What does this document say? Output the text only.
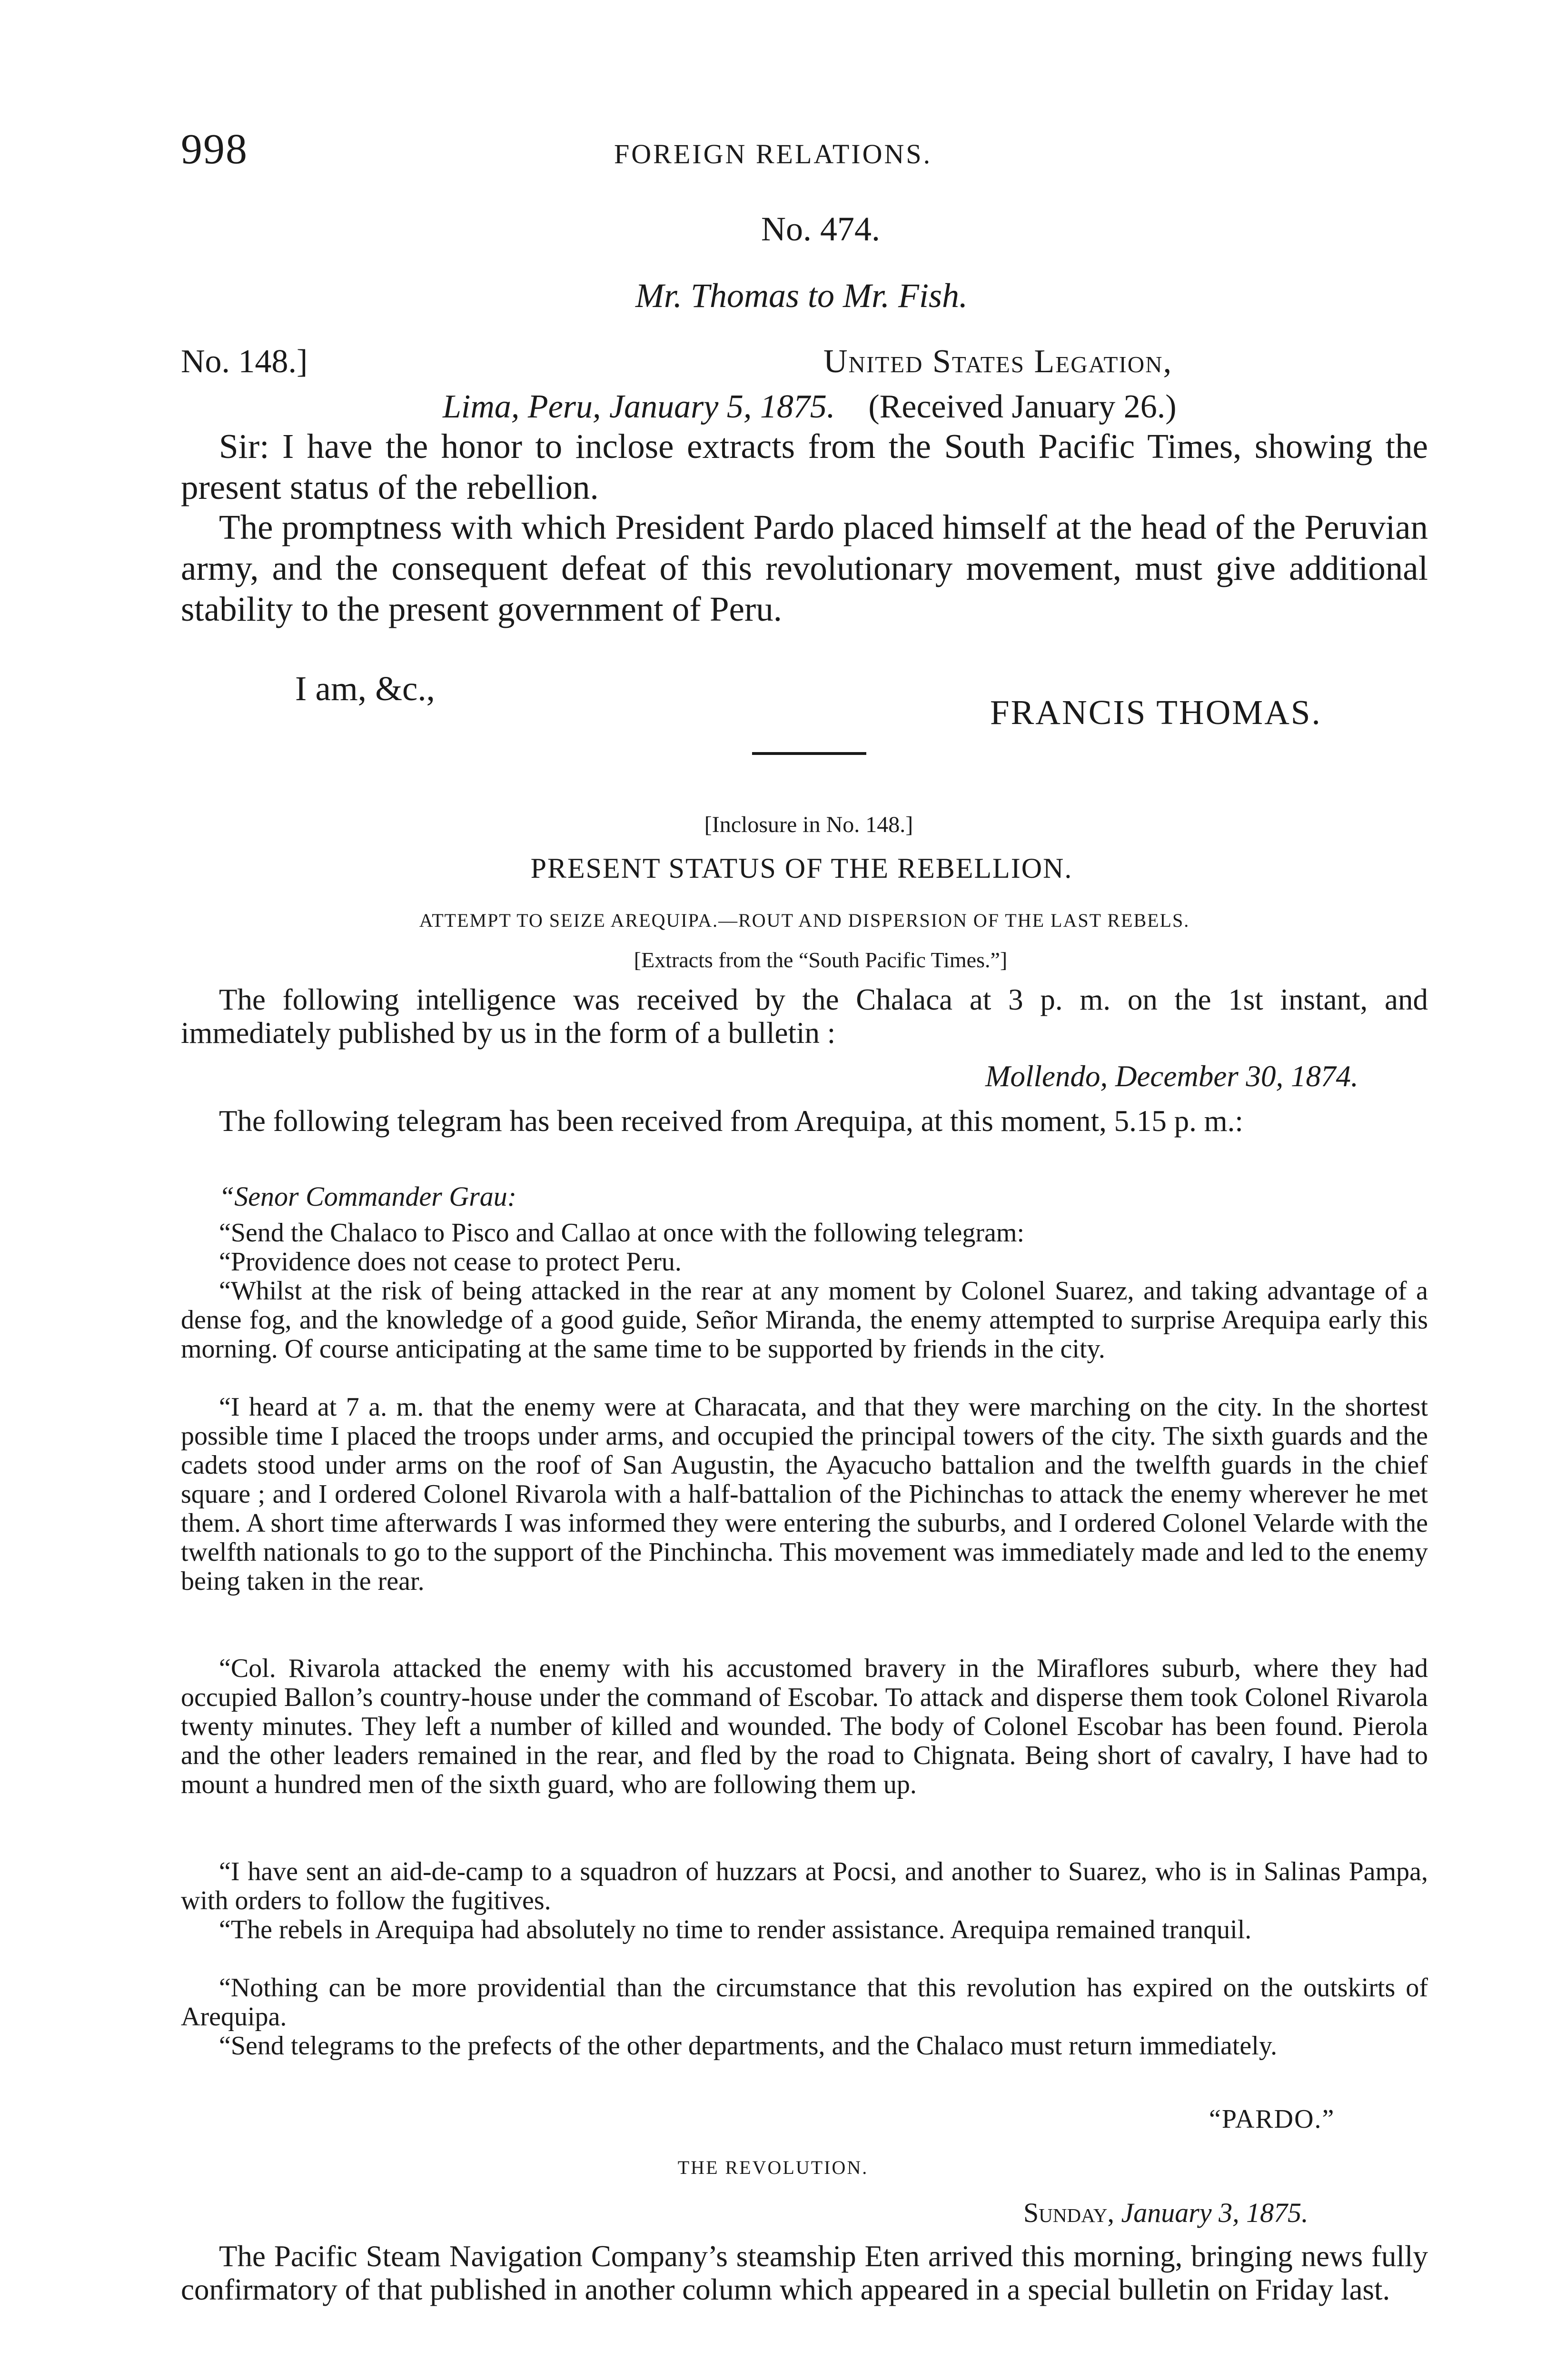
998	FOREIGN RELATIONS.
No. 474.
Mr. Thomas to Mr. Fish.
No. 148.]	United States Legation,
Lima, Peru, January 5, 1875. (Received January 26.)

Sir: I have the honor to inclose extracts from the South Pacific Times, showing the present status of the rebellion.

The promptness with which President Pardo placed himself at the head of the Peruvian army, and the consequent defeat of this revolutionary movement, must give additional stability to the present government of Peru.

I am, &c.,
FRANCIS THOMAS.
[Inclosure in No. 148.]
PRESENT STATUS OF THE REBELLION.
ATTEMPT TO SEIZE AREQUIPA.—ROUT AND DISPERSION OF THE LAST REBELS.
[Extracts from the “South Pacific Times.”]

The following intelligence was received by the Chalaca at 3 p. m. on the 1st instant, and immediately published by us in the form of a bulletin :

Mollendo, December 30, 1874.

The following telegram has been received from Arequipa, at this moment, 5.15 p. m.:

“Senor Commander Grau:

“Send the Chalaco to Pisco and Callao at once with the following telegram:

“Providence does not cease to protect Peru.

“Whilst at the risk of being attacked in the rear at any moment by Colonel Suarez, and taking advantage of a dense fog, and the knowledge of a good guide, Señor Miranda, the enemy attempted to surprise Arequipa early this morning. Of course anticipating at the same time to be supported by friends in the city.

“I heard at 7 a. m. that the enemy were at Characata, and that they were marching on the city. In the shortest possible time I placed the troops under arms, and occupied the principal towers of the city. The sixth guards and the cadets stood under arms on the roof of San Augustin, the Ayacucho battalion and the twelfth guards in the chief square ; and I ordered Colonel Rivarola with a half-battalion of the Pichinchas to attack the enemy wherever he met them. A short time afterwards I was informed they were entering the suburbs, and I ordered Colonel Velarde with the twelfth nationals to go to the support of the Pinchincha. This movement was immediately made and led to the enemy being taken in the rear.

“Col. Rivarola attacked the enemy with his accustomed bravery in the Miraflores suburb, where they had occupied Ballon’s country-house under the command of Escobar. To attack and disperse them took Colonel Rivarola twenty minutes. They left a number of killed and wounded. The body of Colonel Escobar has been found. Pierola and the other leaders remained in the rear, and fled by the road to Chignata. Being short of cavalry, I have had to mount a hundred men of the sixth guard, who are following them up.

“I have sent an aid-de-camp to a squadron of huzzars at Pocsi, and another to Suarez, who is in Salinas Pampa, with orders to follow the fugitives.

“The rebels in Arequipa had absolutely no time to render assistance. Arequipa remained tranquil.

“Nothing can be more providential than the circumstance that this revolution has expired on the outskirts of Arequipa.

“Send telegrams to the prefects of the other departments, and the Chalaco must return immediately.

“PARDO.”
THE REVOLUTION.
Sunday, January 3, 1875.

The Pacific Steam Navigation Company’s steamship Eten arrived this morning, bringing news fully confirmatory of that published in another column which appeared in a special bulletin on Friday last.
